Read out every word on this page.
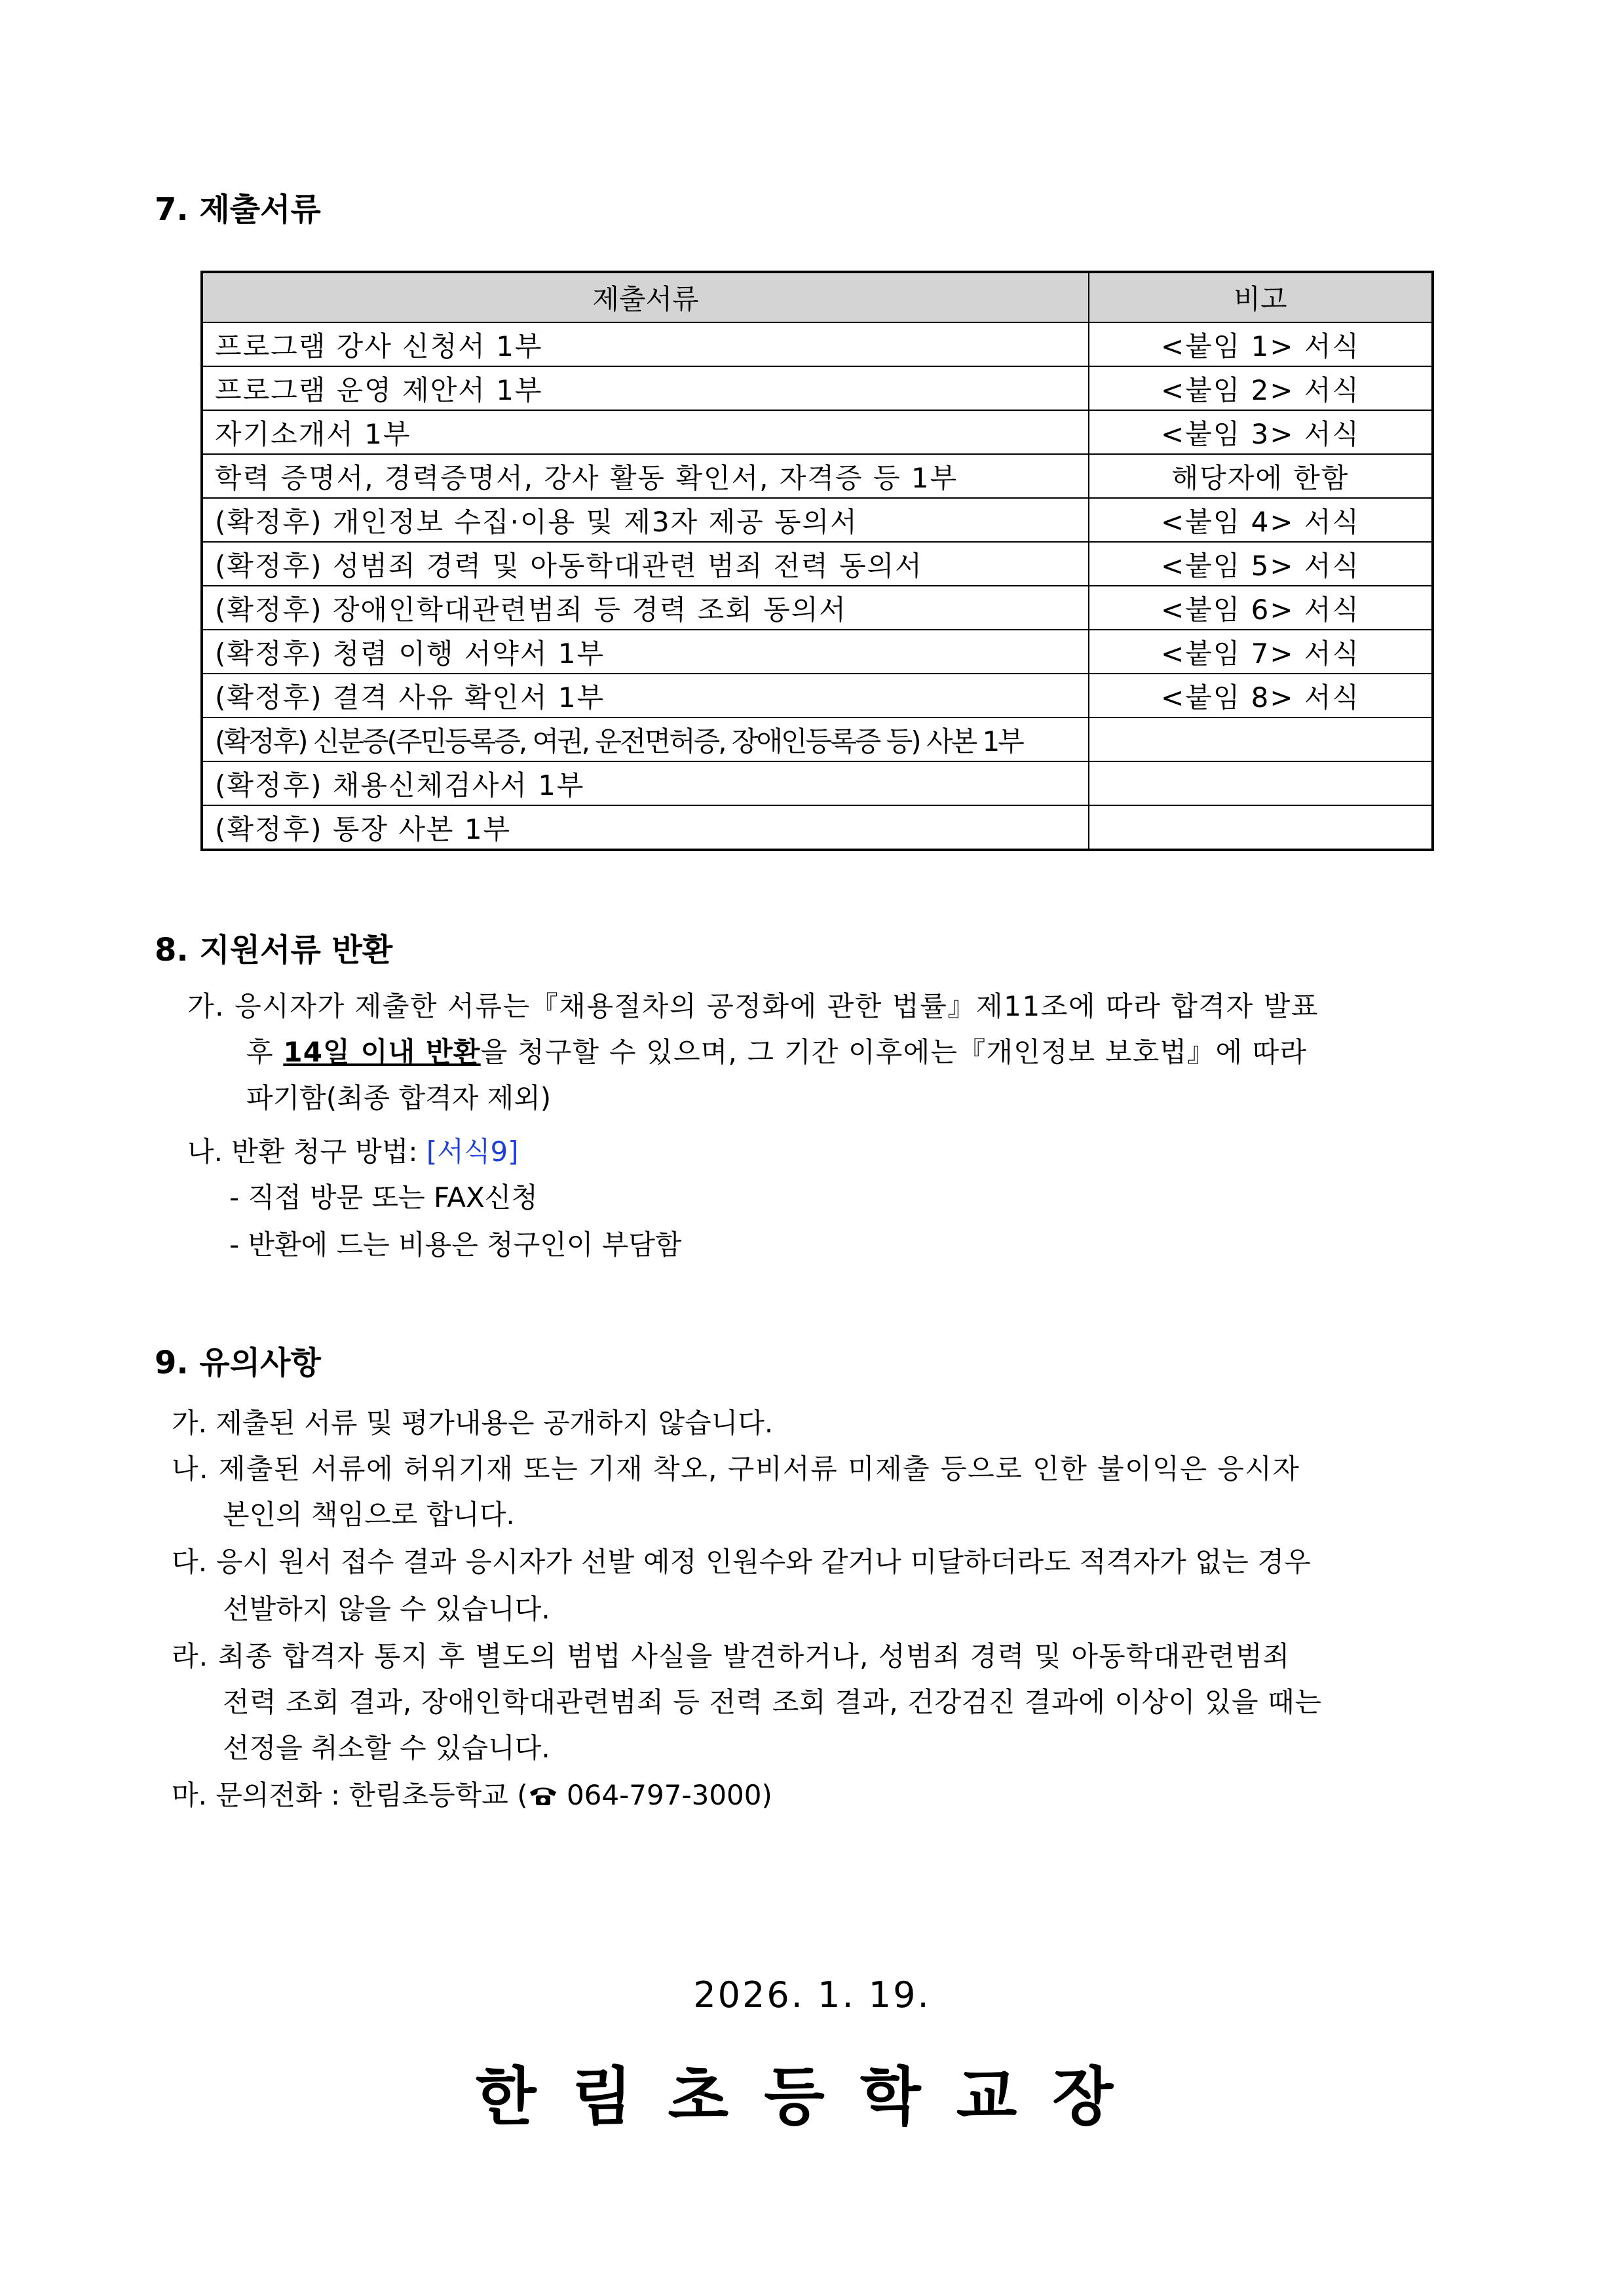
7. 제출서류
제출서류	비고
프로그램 강사 신청서 1부	<붙임 1> 서식
프로그램 운영 제안서 1부	<붙임 2> 서식
자기소개서 1부	<붙임 3> 서식
학력 증명서, 경력증명서, 강사 활동 확인서, 자격증 등 1부	해당자에 한함
(확정후) 개인정보 수집·이용 및 제3자 제공 동의서	<붙임 4> 서식
(확정후) 성범죄 경력 및 아동학대관련 범죄 전력 동의서	<붙임 5> 서식
(확정후) 장애인학대관련범죄 등 경력 조회 동의서	<붙임 6> 서식
(확정후) 청렴 이행 서약서 1부	<붙임 7> 서식
(확정후) 결격 사유 확인서 1부	<붙임 8> 서식
(확정후) 신분증(주민등록증, 여권, 운전면허증, 장애인등록증 등) 사본 1부	
(확정후) 채용신체검사서 1부	
(확정후) 통장 사본 1부	
8. 지원서류 반환
가. 응시자가 제출한 서류는『채용절차의 공정화에 관한 법률』제11조에 따라 합격자 발표
후 14일 이내 반환을 청구할 수 있으며, 그 기간 이후에는『개인정보 보호법』에 따라
파기함(최종 합격자 제외)
나. 반환 청구 방법: [서식9]
- 직접 방문 또는 FAX신청
- 반환에 드는 비용은 청구인이 부담함
9. 유의사항
가. 제출된 서류 및 평가내용은 공개하지 않습니다.
나. 제출된 서류에 허위기재 또는 기재 착오, 구비서류 미제출 등으로 인한 불이익은 응시자
본인의 책임으로 합니다.
다. 응시 원서 접수 결과 응시자가 선발 예정 인원수와 같거나 미달하더라도 적격자가 없는 경우
선발하지 않을 수 있습니다.
라. 최종 합격자 통지 후 별도의 범법 사실을 발견하거나, 성범죄 경력 및 아동학대관련범죄
전력 조회 결과, 장애인학대관련범죄 등 전력 조회 결과, 건강검진 결과에 이상이 있을 때는
선정을 취소할 수 있습니다.
마. 문의전화 : 한림초등학교 ( 064-797-3000)
2026. 1. 19.
한림초등학교장
